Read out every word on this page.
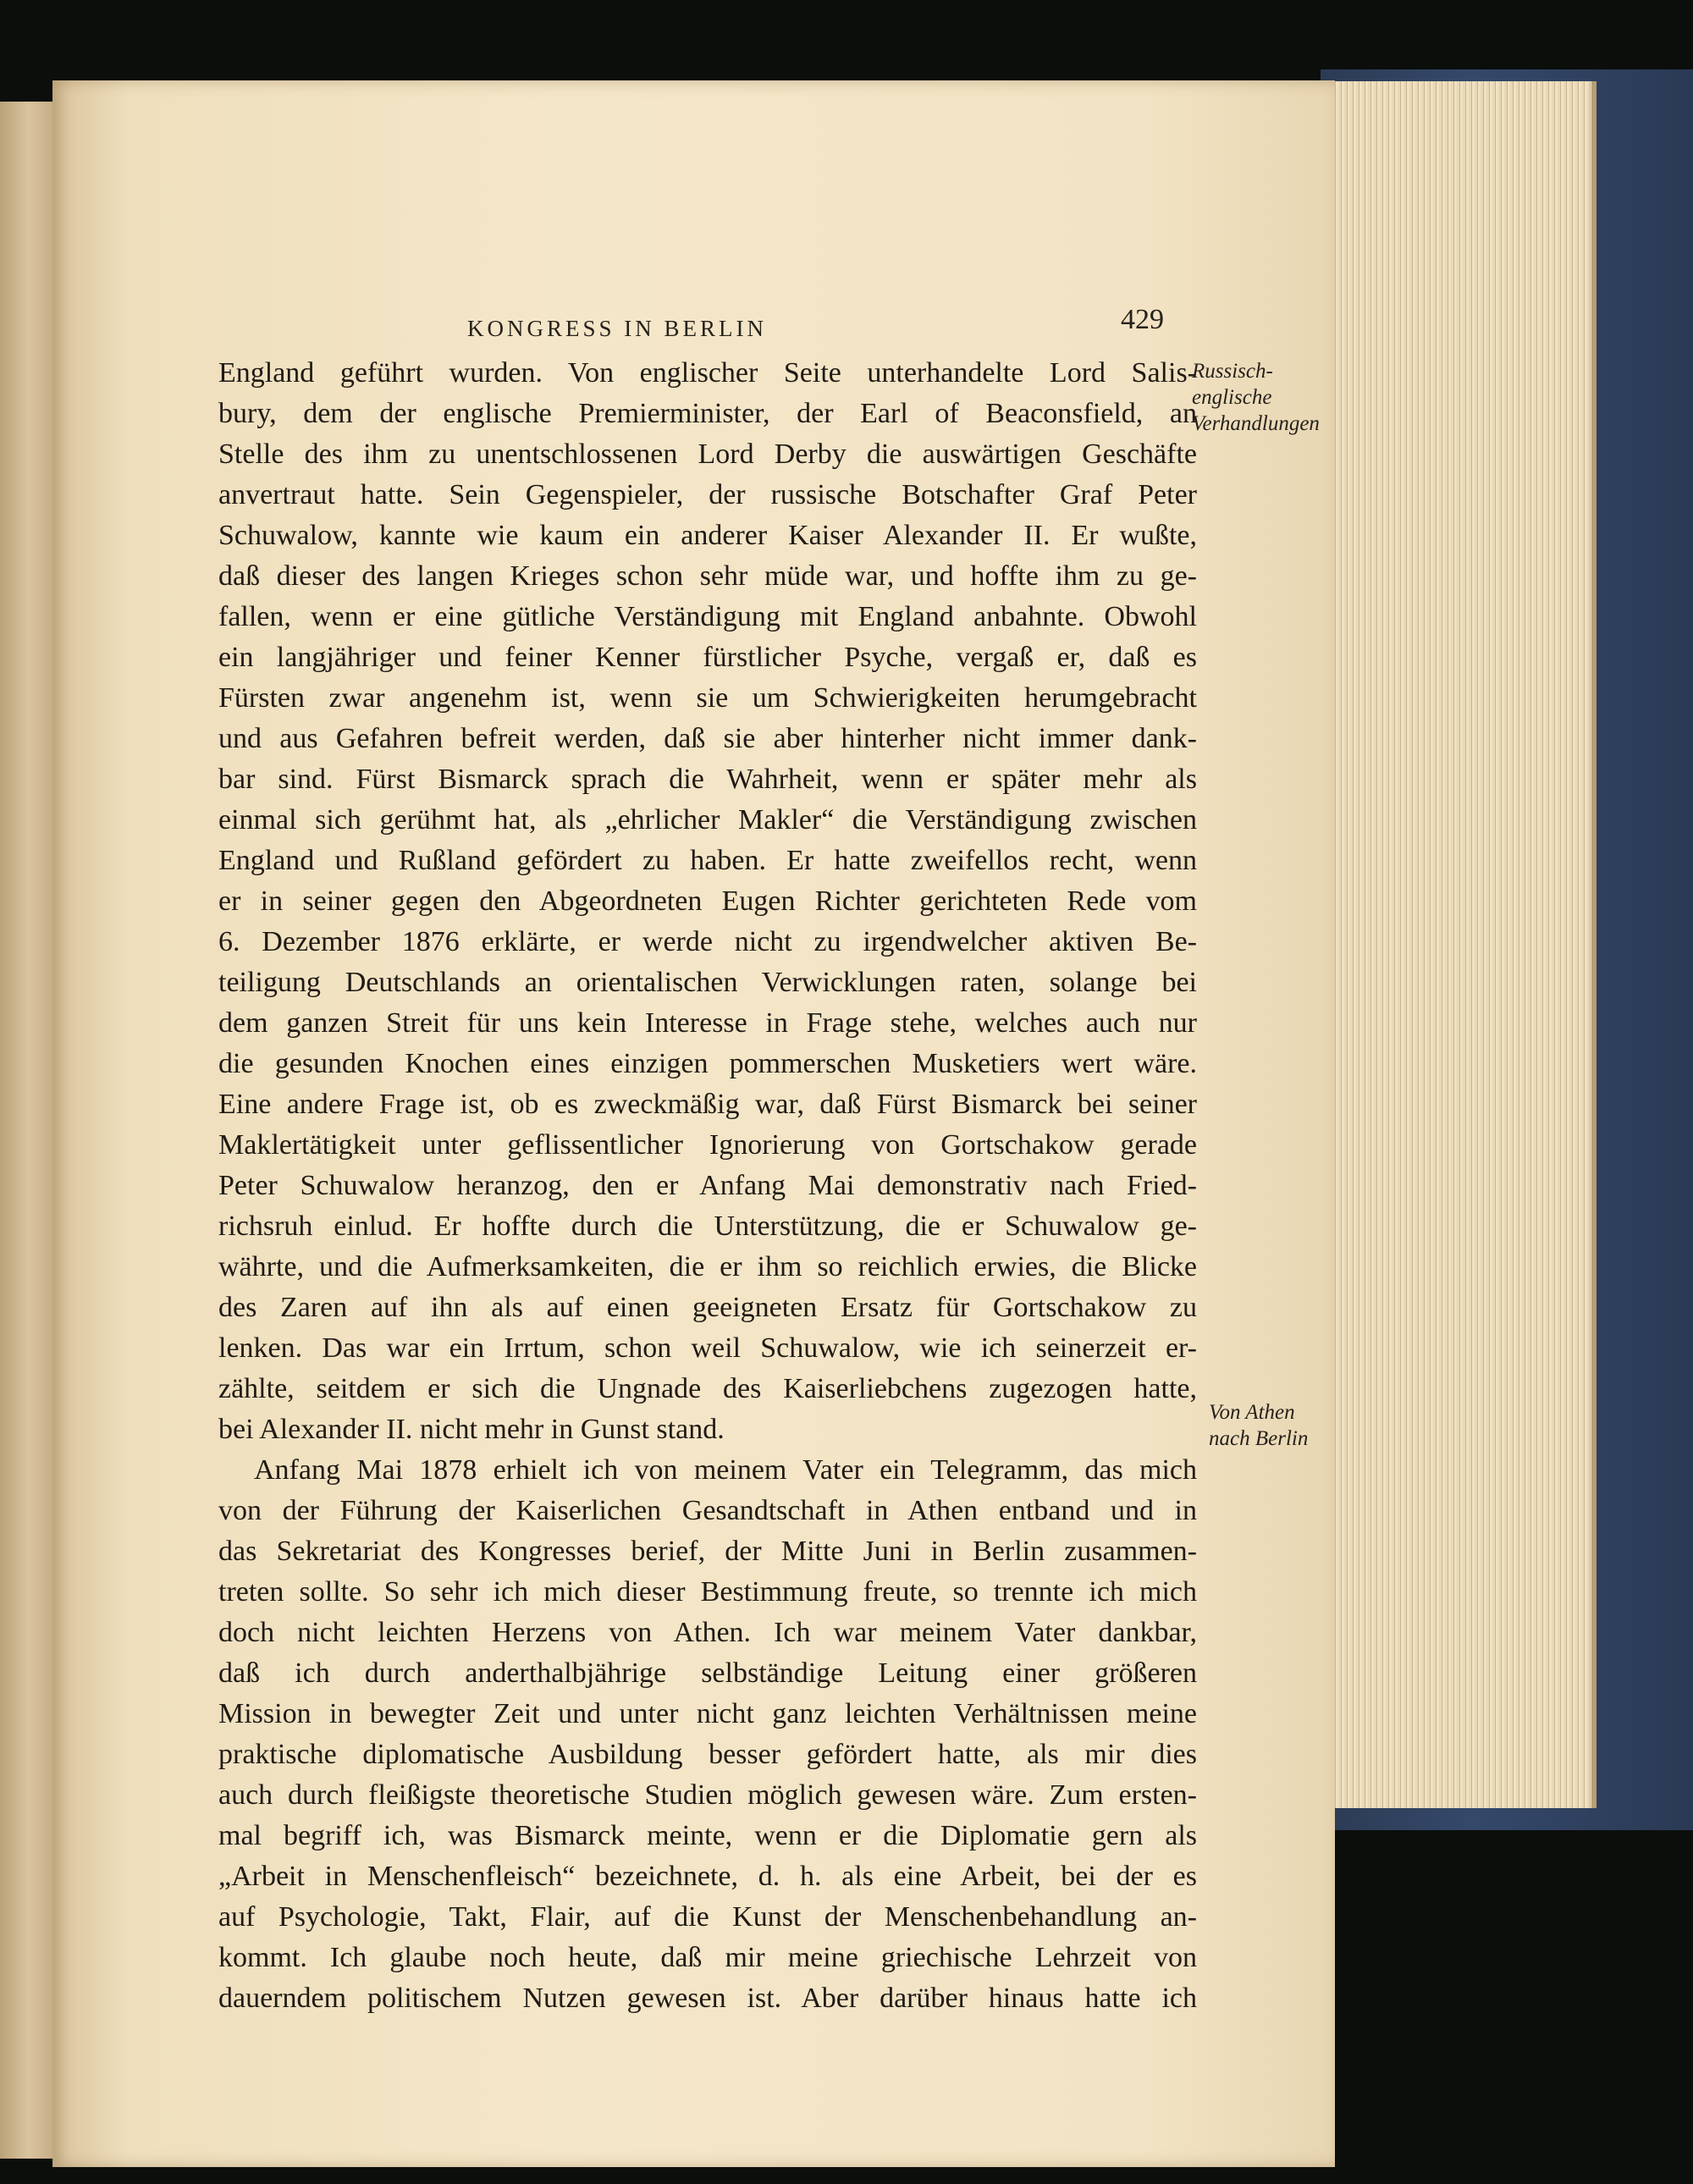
KONGRESS IN BERLIN	429
Russisch-
englische
Verhandlungen
Von Athen
nach Berlin
England geführt wurden. Von englischer Seite unterhandelte Lord Salis-
bury, dem der englische Premierminister, der Earl of Beaconsfield, an
Stelle des ihm zu unentschlossenen Lord Derby die auswärtigen Geschäfte
anvertraut hatte. Sein Gegenspieler, der russische Botschafter Graf Peter
Schuwalow, kannte wie kaum ein anderer Kaiser Alexander II. Er wußte,
daß dieser des langen Krieges schon sehr müde war, und hoffte ihm zu ge-
fallen, wenn er eine gütliche Verständigung mit England anbahnte. Obwohl
ein langjähriger und feiner Kenner fürstlicher Psyche, vergaß er, daß es
Fürsten zwar angenehm ist, wenn sie um Schwierigkeiten herumgebracht
und aus Gefahren befreit werden, daß sie aber hinterher nicht immer dank-
bar sind. Fürst Bismarck sprach die Wahrheit, wenn er später mehr als
einmal sich gerühmt hat, als „ehrlicher Makler“ die Verständigung zwischen
England und Rußland gefördert zu haben. Er hatte zweifellos recht, wenn
er in seiner gegen den Abgeordneten Eugen Richter gerichteten Rede vom
6. Dezember 1876 erklärte, er werde nicht zu irgendwelcher aktiven Be-
teiligung Deutschlands an orientalischen Verwicklungen raten, solange bei
dem ganzen Streit für uns kein Interesse in Frage stehe, welches auch nur
die gesunden Knochen eines einzigen pommerschen Musketiers wert wäre.
Eine andere Frage ist, ob es zweckmäßig war, daß Fürst Bismarck bei seiner
Maklertätigkeit unter geflissentlicher Ignorierung von Gortschakow gerade
Peter Schuwalow heranzog, den er Anfang Mai demonstrativ nach Fried-
richsruh einlud. Er hoffte durch die Unterstützung, die er Schuwalow ge-
währte, und die Aufmerksamkeiten, die er ihm so reichlich erwies, die Blicke
des Zaren auf ihn als auf einen geeigneten Ersatz für Gortschakow zu
lenken. Das war ein Irrtum, schon weil Schuwalow, wie ich seinerzeit er-
zählte, seitdem er sich die Ungnade des Kaiserliebchens zugezogen hatte,
bei Alexander II. nicht mehr in Gunst stand.
Anfang Mai 1878 erhielt ich von meinem Vater ein Telegramm, das mich
von der Führung der Kaiserlichen Gesandtschaft in Athen entband und in
das Sekretariat des Kongresses berief, der Mitte Juni in Berlin zusammen-
treten sollte. So sehr ich mich dieser Bestimmung freute, so trennte ich mich
doch nicht leichten Herzens von Athen. Ich war meinem Vater dankbar,
daß ich durch anderthalbjährige selbständige Leitung einer größeren
Mission in bewegter Zeit und unter nicht ganz leichten Verhältnissen meine
praktische diplomatische Ausbildung besser gefördert hatte, als mir dies
auch durch fleißigste theoretische Studien möglich gewesen wäre. Zum ersten-
mal begriff ich, was Bismarck meinte, wenn er die Diplomatie gern als
„Arbeit in Menschenfleisch“ bezeichnete, d. h. als eine Arbeit, bei der es
auf Psychologie, Takt, Flair, auf die Kunst der Menschenbehandlung an-
kommt. Ich glaube noch heute, daß mir meine griechische Lehrzeit von
dauerndem politischem Nutzen gewesen ist. Aber darüber hinaus hatte ich
